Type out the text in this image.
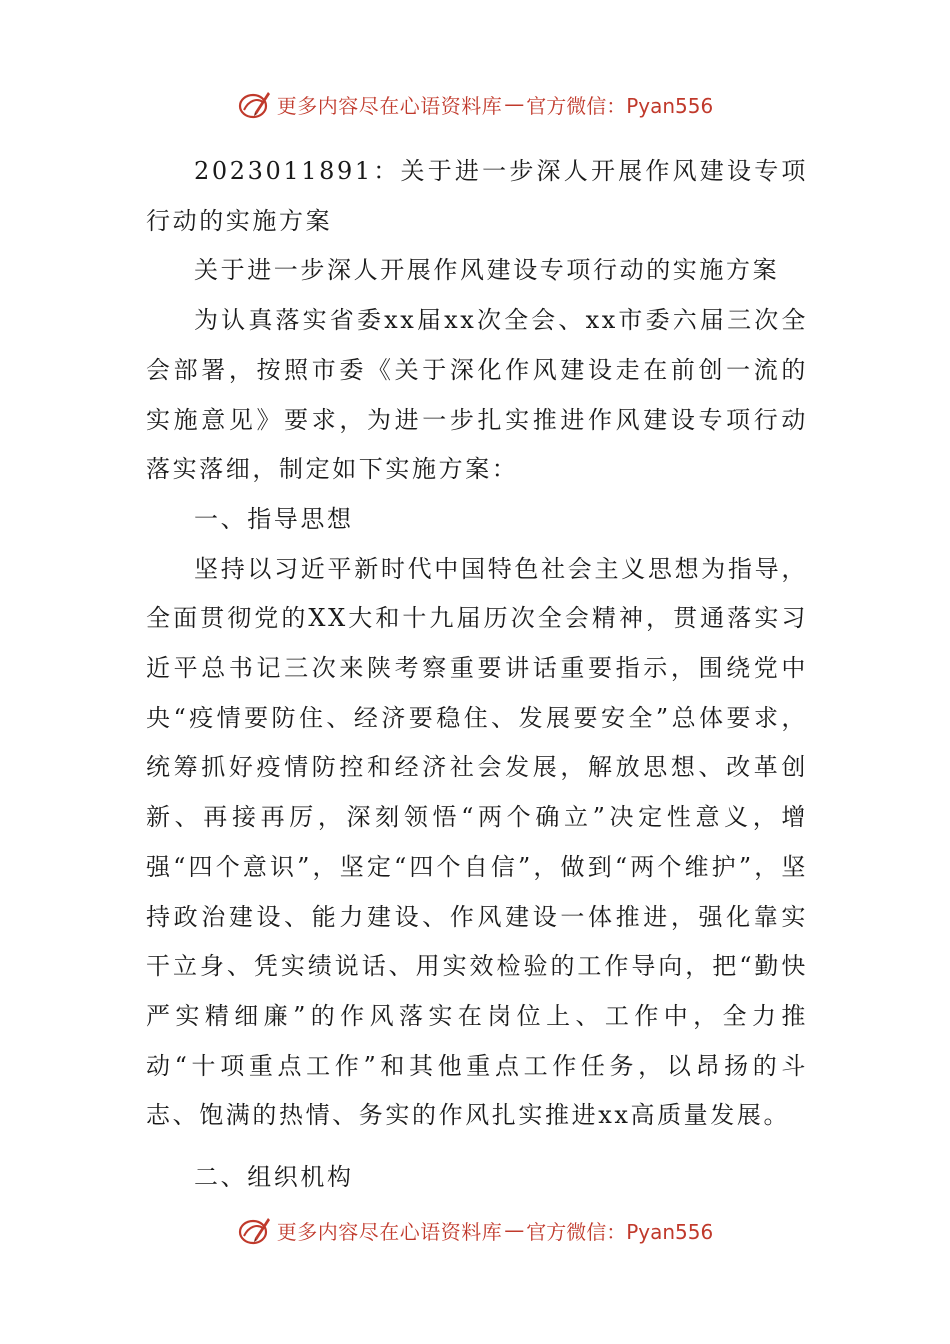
更多内容尽在心语资料库 — 官方微信：Pyan556

2023011891：关于进一步深人开展作风建设专项行动的实施方案

关于进一步深人开展作风建设专项行动的实施方案

为认真落实省委xx届xx次全会、xx市委六届三次全会部署，按照市委《关于深化作风建设走在前创一流的实施意见》要求，为进一步扎实推进作风建设专项行动落实落细，制定如下实施方案：

一、指导思想

坚持以习近平新时代中国特色社会主义思想为指导，全面贯彻党的XX大和十九届历次全会精神，贯通落实习近平总书记三次来陕考察重要讲话重要指示，围绕党中央“疫情要防住、经济要稳住、发展要安全”总体要求，统筹抓好疫情防控和经济社会发展，解放思想、改革创新、再接再厉，深刻领悟“两个确立”决定性意义，增强“四个意识”，坚定“四个自信”，做到“两个维护”，坚持政治建设、能力建设、作风建设一体推进，强化靠实干立身、凭实绩说话、用实效检验的工作导向，把“勤快严实精细廉”的作风落实在岗位上、工作中，全力推动“十项重点工作”和其他重点工作任务，以昂扬的斗志、饱满的热情、务实的作风扎实推进xx高质量发展。

二、组织机构

更多内容尽在心语资料库 — 官方微信：Pyan556
